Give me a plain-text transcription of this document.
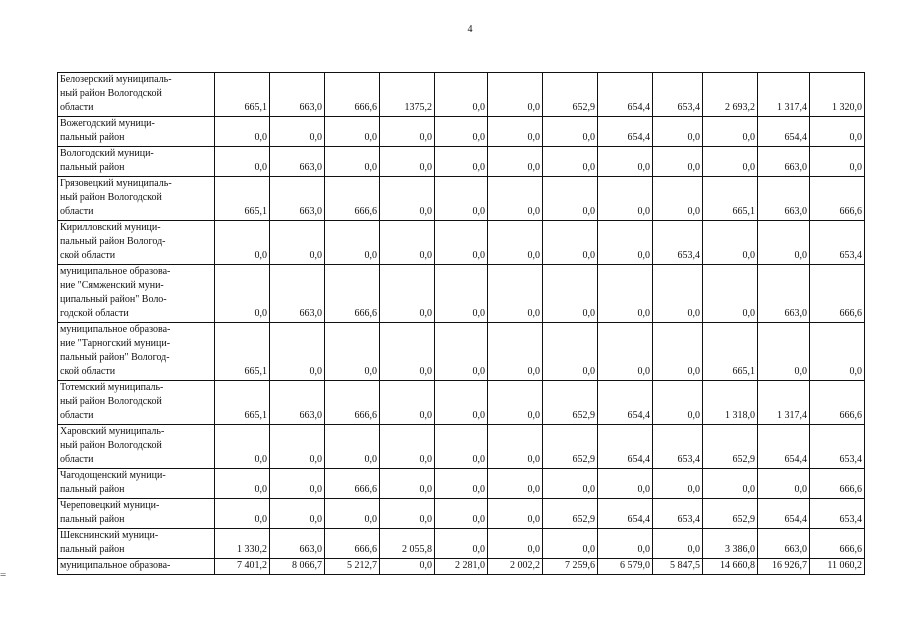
4
=
Белозерский муниципаль-
ный район Вологодской
области	665,1	663,0	666,6	1375,2	0,0	0,0	652,9	654,4	653,4	2 693,2	1 317,4	1 320,0

Вожегодский муници-
пальный район	0,0	0,0	0,0	0,0	0,0	0,0	0,0	654,4	0,0	0,0	654,4	0,0

Вологодский муници-
пальный район	0,0	663,0	0,0	0,0	0,0	0,0	0,0	0,0	0,0	0,0	663,0	0,0

Грязовецкий муниципаль-
ный район Вологодской
области	665,1	663,0	666,6	0,0	0,0	0,0	0,0	0,0	0,0	665,1	663,0	666,6

Кирилловский муници-
пальный район Вологод-
ской области	0,0	0,0	0,0	0,0	0,0	0,0	0,0	0,0	653,4	0,0	0,0	653,4

муниципальное образова-
ние "Сямженский муни-
ципальный район" Воло-
годской области	0,0	663,0	666,6	0,0	0,0	0,0	0,0	0,0	0,0	0,0	663,0	666,6

муниципальное образова-
ние "Тарногский муници-
пальный район" Вологод-
ской области	665,1	0,0	0,0	0,0	0,0	0,0	0,0	0,0	0,0	665,1	0,0	0,0

Тотемский муниципаль-
ный район Вологодской
области	665,1	663,0	666,6	0,0	0,0	0,0	652,9	654,4	0,0	1 318,0	1 317,4	666,6

Харовский муниципаль-
ный район Вологодской
области	0,0	0,0	0,0	0,0	0,0	0,0	652,9	654,4	653,4	652,9	654,4	653,4

Чагодощенский муници-
пальный район	0,0	0,0	666,6	0,0	0,0	0,0	0,0	0,0	0,0	0,0	0,0	666,6

Череповецкий муници-
пальный район	0,0	0,0	0,0	0,0	0,0	0,0	652,9	654,4	653,4	652,9	654,4	653,4

Шекснинский муници-
пальный район	1 330,2	663,0	666,6	2 055,8	0,0	0,0	0,0	0,0	0,0	3 386,0	663,0	666,6

муниципальное образова-	7 401,2	8 066,7	5 212,7	0,0	2 281,0	2 002,2	7 259,6	6 579,0	5 847,5	14 660,8	16 926,7	11 060,2
